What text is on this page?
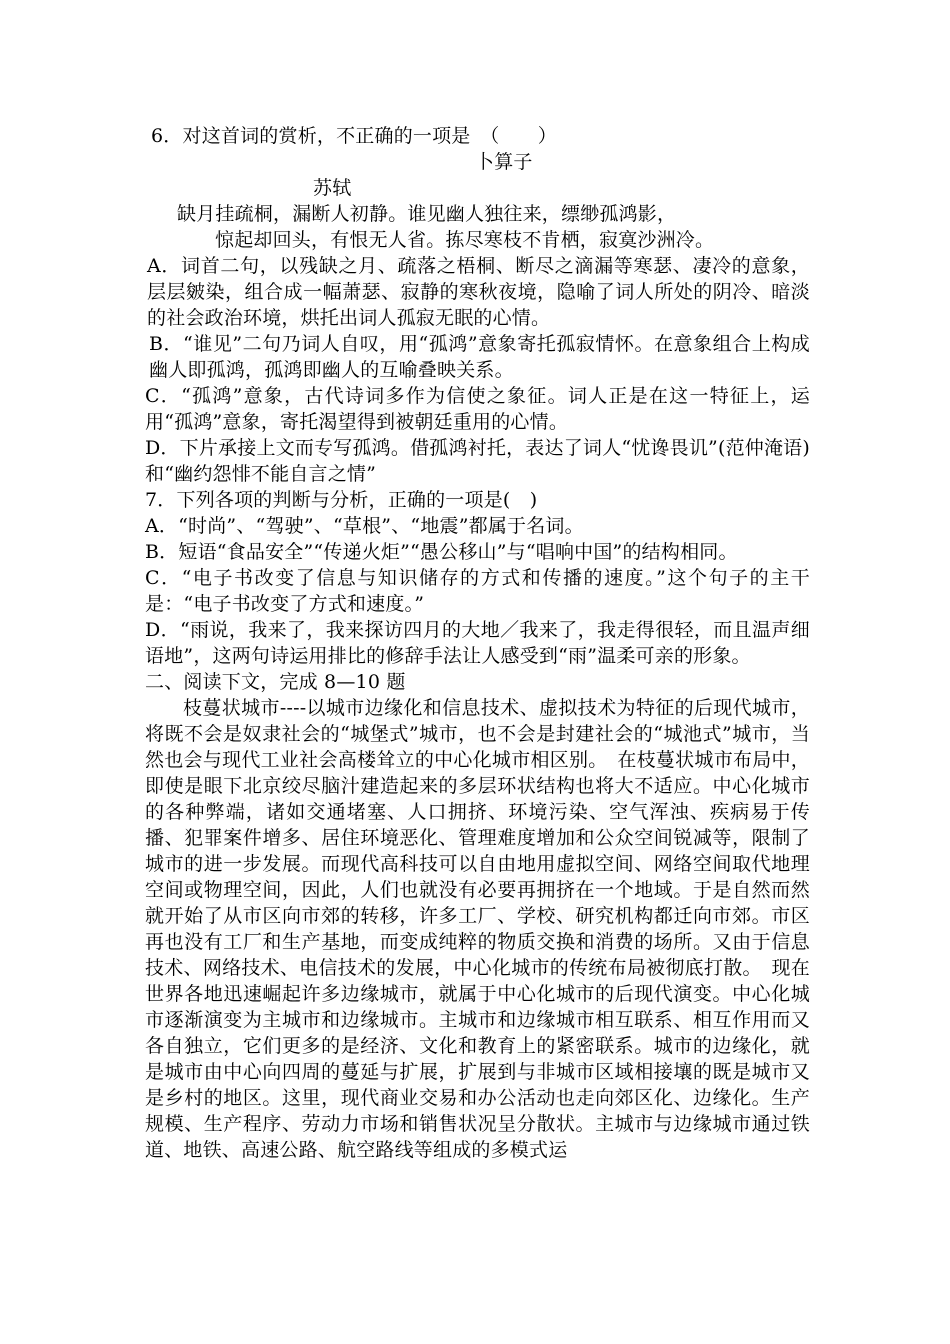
6．对这首词的赏析，不正确的一项是　（　　）
卜算子
苏轼
缺月挂疏桐，漏断人初静。谁见幽人独往来，缥缈孤鸿影，
惊起却回头，有恨无人省。拣尽寒枝不肯栖，寂寞沙洲冷。
A．词首二句，以残缺之月、疏落之梧桐、断尽之滴漏等寒瑟、凄冷的意象，层层皴染，组合成一幅萧瑟、寂静的寒秋夜境，隐喻了词人所处的阴冷、暗淡的社会政治环境，烘托出词人孤寂无眠的心情。
B．“谁见”二句乃词人自叹，用“孤鸿”意象寄托孤寂情怀。在意象组合上构成幽人即孤鸿，孤鸿即幽人的互喻叠映关系。
C．“孤鸿”意象，古代诗词多作为信使之象征。词人正是在这一特征上，运用“孤鸿”意象，寄托渴望得到被朝廷重用的心情。
D．下片承接上文而专写孤鸿。借孤鸿衬托，表达了词人“忧谗畏讥”(范仲淹语)和“幽约怨悱不能自言之情”
7．下列各项的判断与分析，正确的一项是(　)
A．“时尚”、“驾驶”、“草根”、“地震”都属于名词。
B．短语“食品安全”“传递火炬”“愚公移山”与“唱响中国”的结构相同。
C．“电子书改变了信息与知识储存的方式和传播的速度。”这个句子的主干是：“电子书改变了方式和速度。”
D．“雨说，我来了，我来探访四月的大地／我来了，我走得很轻，而且温声细语地”，这两句诗运用排比的修辞手法让人感受到“雨”温柔可亲的形象。
二、阅读下文，完成 8—10 题
枝蔓状城市----以城市边缘化和信息技术、虚拟技术为特征的后现代城市，将既不会是奴隶社会的“城堡式”城市，也不会是封建社会的“城池式”城市，当然也会与现代工业社会高楼耸立的中心化城市相区别。　在枝蔓状城市布局中，即使是眼下北京绞尽脑汁建造起来的多层环状结构也将大不适应。中心化城市的各种弊端，诸如交通堵塞、人口拥挤、环境污染、空气浑浊、疾病易于传播、犯罪案件增多、居住环境恶化、管理难度增加和公众空间锐减等，限制了城市的进一步发展。而现代高科技可以自由地用虚拟空间、网络空间取代地理空间或物理空间，因此，人们也就没有必要再拥挤在一个地域。于是自然而然就开始了从市区向市郊的转移，许多工厂、学校、研究机构都迁向市郊。市区再也没有工厂和生产基地，而变成纯粹的物质交换和消费的场所。又由于信息技术、网络技术、电信技术的发展，中心化城市的传统布局被彻底打散。　现在世界各地迅速崛起许多边缘城市，就属于中心化城市的后现代演变。中心化城市逐渐演变为主城市和边缘城市。主城市和边缘城市相互联系、相互作用而又各自独立，它们更多的是经济、文化和教育上的紧密联系。城市的边缘化，就是城市由中心向四周的蔓延与扩展，扩展到与非城市区域相接壤的既是城市又是乡村的地区。这里，现代商业交易和办公活动也走向郊区化、边缘化。生产规模、生产程序、劳动力市场和销售状况呈分散状。主城市与边缘城市通过铁道、地铁、高速公路、航空路线等组成的多模式运
